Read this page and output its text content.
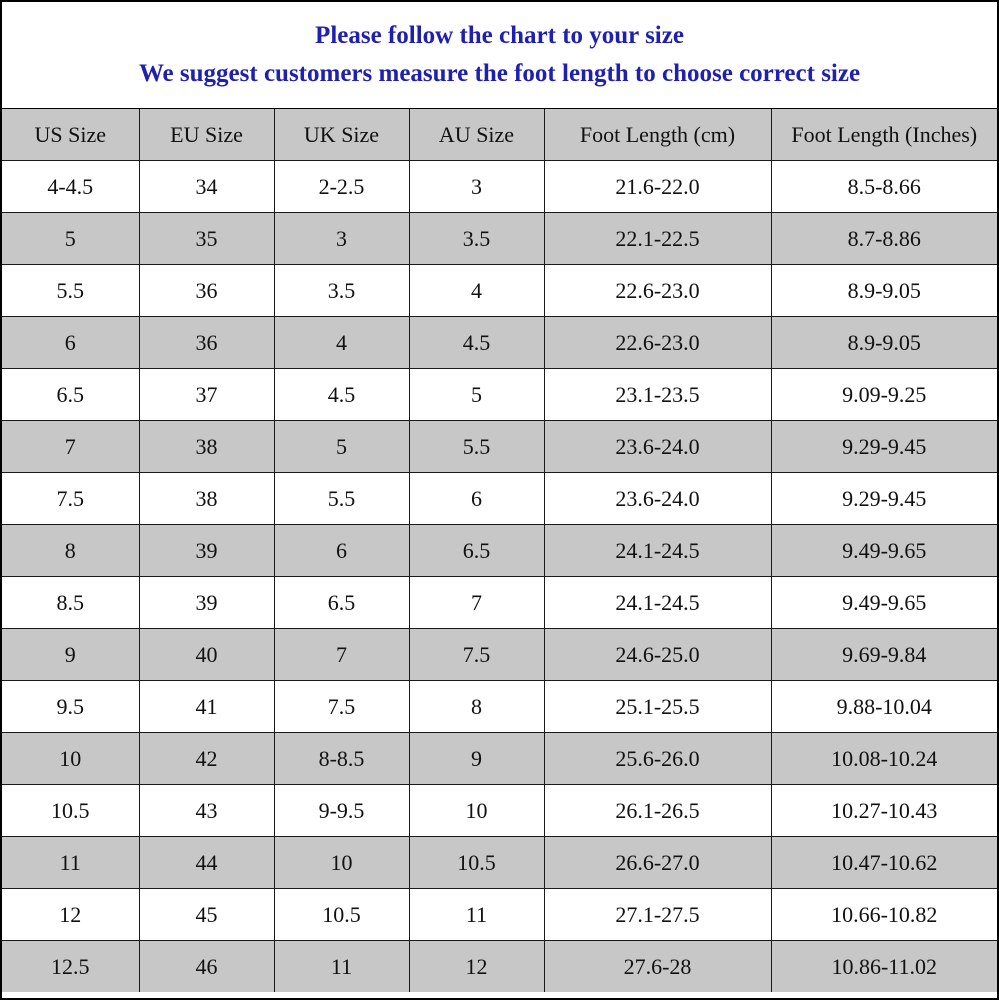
Please follow the chart to your size
We suggest customers measure the foot length to choose correct size
US Size	EU Size	UK Size	AU Size	Foot Length (cm)	Foot Length (Inches)
4-4.5	34	2-2.5	3	21.6-22.0	8.5-8.66
5	35	3	3.5	22.1-22.5	8.7-8.86
5.5	36	3.5	4	22.6-23.0	8.9-9.05
6	36	4	4.5	22.6-23.0	8.9-9.05
6.5	37	4.5	5	23.1-23.5	9.09-9.25
7	38	5	5.5	23.6-24.0	9.29-9.45
7.5	38	5.5	6	23.6-24.0	9.29-9.45
8	39	6	6.5	24.1-24.5	9.49-9.65
8.5	39	6.5	7	24.1-24.5	9.49-9.65
9	40	7	7.5	24.6-25.0	9.69-9.84
9.5	41	7.5	8	25.1-25.5	9.88-10.04
10	42	8-8.5	9	25.6-26.0	10.08-10.24
10.5	43	9-9.5	10	26.1-26.5	10.27-10.43
11	44	10	10.5	26.6-27.0	10.47-10.62
12	45	10.5	11	27.1-27.5	10.66-10.82
12.5	46	11	12	27.6-28	10.86-11.02
